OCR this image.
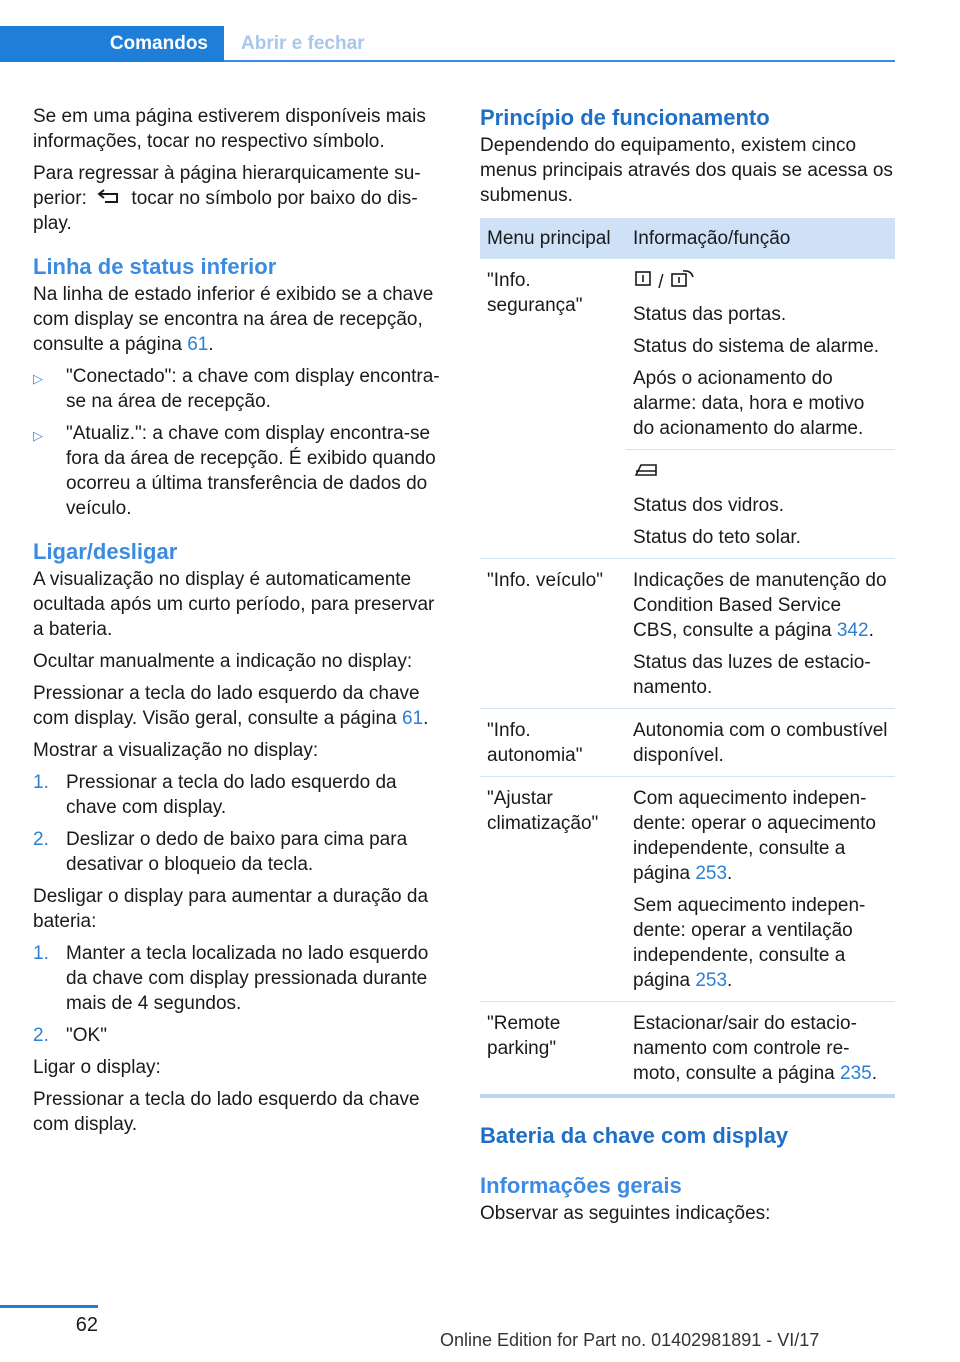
Comandos	Abrir e fechar

Se em uma página estiverem disponíveis mais informações, tocar no respectivo símbolo.

Para regressar à página hierarquicamente superior: tocar no símbolo por baixo do display.

Linha de status inferior

Na linha de estado inferior é exibido se a chave com display se encontra na área de recepção, consulte a página 61.

▷	"Conectado": a chave com display encontra-se na área de recepção.
▷	"Atualiz.": a chave com display encontra-se fora da área de recepção. É exibido quando ocorreu a última transferência de dados do veículo.
Ligar/desligar

A visualização no display é automaticamente ocultada após um curto período, para preservar a bateria.

Ocultar manualmente a indicação no display:

Pressionar a tecla do lado esquerdo da chave com display. Visão geral, consulte a página 61.

Mostrar a visualização no display:

1. Pressionar a tecla do lado esquerdo da chave com display.
2. Deslizar o dedo de baixo para cima para desativar o bloqueio da tecla.

Desligar o display para aumentar a duração da bateria:

1. Manter a tecla localizada no lado esquerdo da chave com display pressionada durante mais de 4 segundos.
2. "OK"

Ligar o display:

Pressionar a tecla do lado esquerdo da chave com display.

Princípio de funcionamento

Dependendo do equipamento, existem cinco menus principais através dos quais se acessa os submenus.

Menu principal	Informação/função
"Info. segurança"	/

Status das portas.

Status do sistema de alarme.

Após o acionamento do alarme: data, hora e motivo do acionamento do alarme.

	Status dos vidros.

Status do teto solar.

"Info. veículo"	Indicações de manutenção do Condition Based Service CBS, consulte a página 342.

Status das luzes de estacionamento.

"Info. autonomia"	Autonomia com o combustível disponível.

"Ajustar climatização"	Com aquecimento independente: operar o aquecimento independente, consulte a página 253.

Sem aquecimento independente: operar a ventilação independente, consulte a página 253.

"Remote parking"	Estacionar/sair do estacionamento com controle remoto, consulte a página 235.

Bateria da chave com display
Informações gerais

Observar as seguintes indicações:

62
Online Edition for Part no. 01402981891 - VI/17
